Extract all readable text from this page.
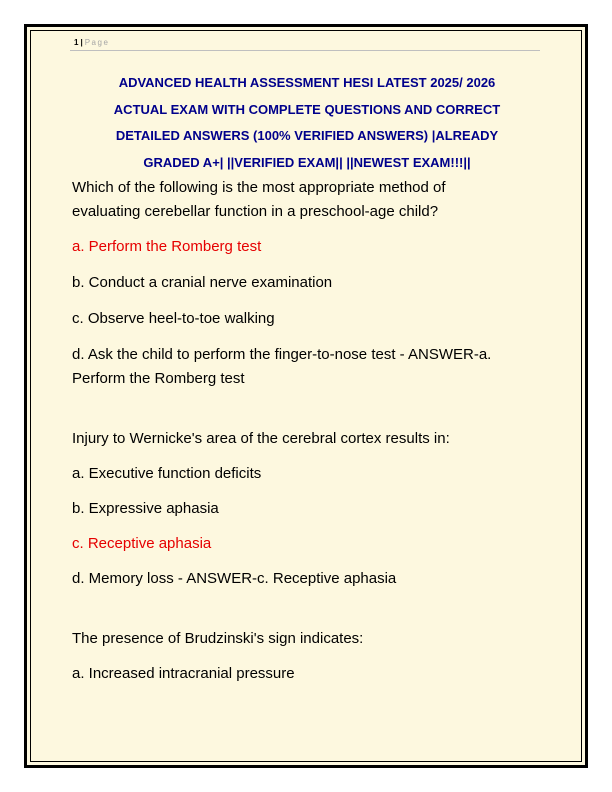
1 | Page
ADVANCED HEALTH ASSESSMENT HESI LATEST 2025/ 2026
ACTUAL EXAM WITH COMPLETE QUESTIONS AND CORRECT
DETAILED ANSWERS (100% VERIFIED ANSWERS) |ALREADY
GRADED A+| ||VERIFIED EXAM|| ||NEWEST EXAM!!!||

Which of the following is the most appropriate method of
evaluating cerebellar function in a preschool-age child?

a. Perform the Romberg test

b. Conduct a cranial nerve examination

c. Observe heel-to-toe walking

d. Ask the child to perform the finger-to-nose test - ANSWER-a.
Perform the Romberg test

Injury to Wernicke's area of the cerebral cortex results in:

a. Executive function deficits

b. Expressive aphasia

c. Receptive aphasia

d. Memory loss - ANSWER-c. Receptive aphasia

The presence of Brudzinski's sign indicates:

a. Increased intracranial pressure
